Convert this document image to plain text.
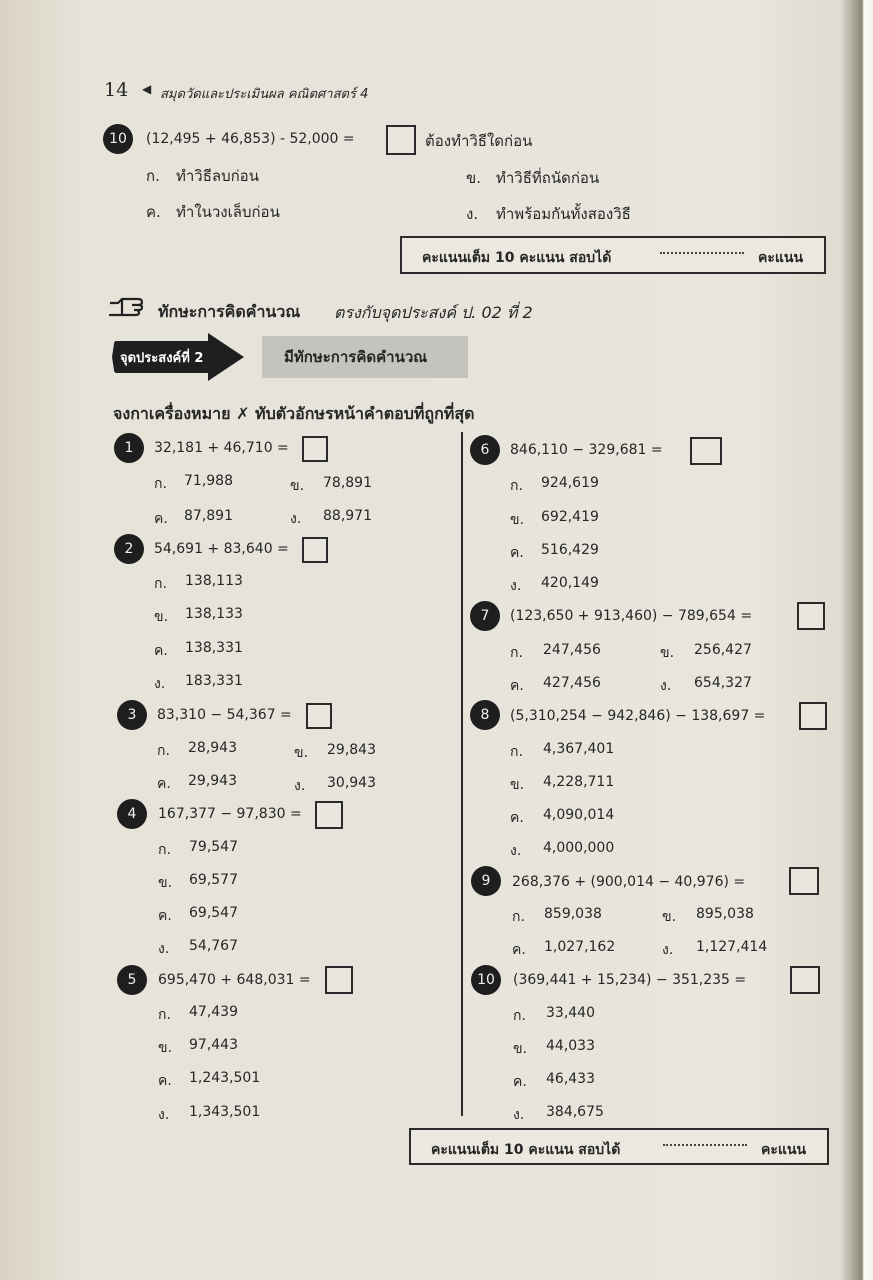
14 ◀ สมุดวัดและประเมินผล คณิตศาสตร์ 4
10	(12,495 + 46,853) - 52,000 =	ต้องทำวิธีใดก่อน
ก. ทำวิธีลบก่อน	ข. ทำวิธีที่ถนัดก่อน
ค. ทำในวงเล็บก่อน	ง. ทำพร้อมกันทั้งสองวิธี
คะแนนเต็ม 10 คะแนน สอบได้	คะแนน
ทักษะการคิดคำนวณ ตรงกับจุดประสงค์ ป. 02 ที่ 2
จุดประสงค์ที่ 2	มีทักษะการคิดคำนวณ
จงกาเครื่องหมาย ✗ ทับตัวอักษรหน้าคำตอบที่ถูกที่สุด
1	32,181 + 46,710 =
ก. 71,988	ข. 78,891
ค. 87,891	ง. 88,971
2	54,691 + 83,640 =
ก. 138,113
ข. 138,133
ค. 138,331
ง. 183,331
3	83,310 − 54,367 =
ก. 28,943	ข. 29,843
ค. 29,943	ง. 30,943
4	167,377 − 97,830 =
ก. 79,547
ข. 69,577
ค. 69,547
ง. 54,767
5	695,470 + 648,031 =
ก. 47,439
ข. 97,443
ค. 1,243,501
ง. 1,343,501
6	846,110 − 329,681 =
ก. 924,619
ข. 692,419
ค. 516,429
ง. 420,149
7	(123,650 + 913,460) − 789,654 =
ก. 247,456	ข. 256,427
ค. 427,456	ง. 654,327
8	(5,310,254 − 942,846) − 138,697 =
ก. 4,367,401
ข. 4,228,711
ค. 4,090,014
ง. 4,000,000
9	268,376 + (900,014 − 40,976) =
ก. 859,038	ข. 895,038
ค. 1,027,162	ง. 1,127,414
10	(369,441 + 15,234) − 351,235 =
ก. 33,440
ข. 44,033
ค. 46,433
ง. 384,675
คะแนนเต็ม 10 คะแนน สอบได้	คะแนน
